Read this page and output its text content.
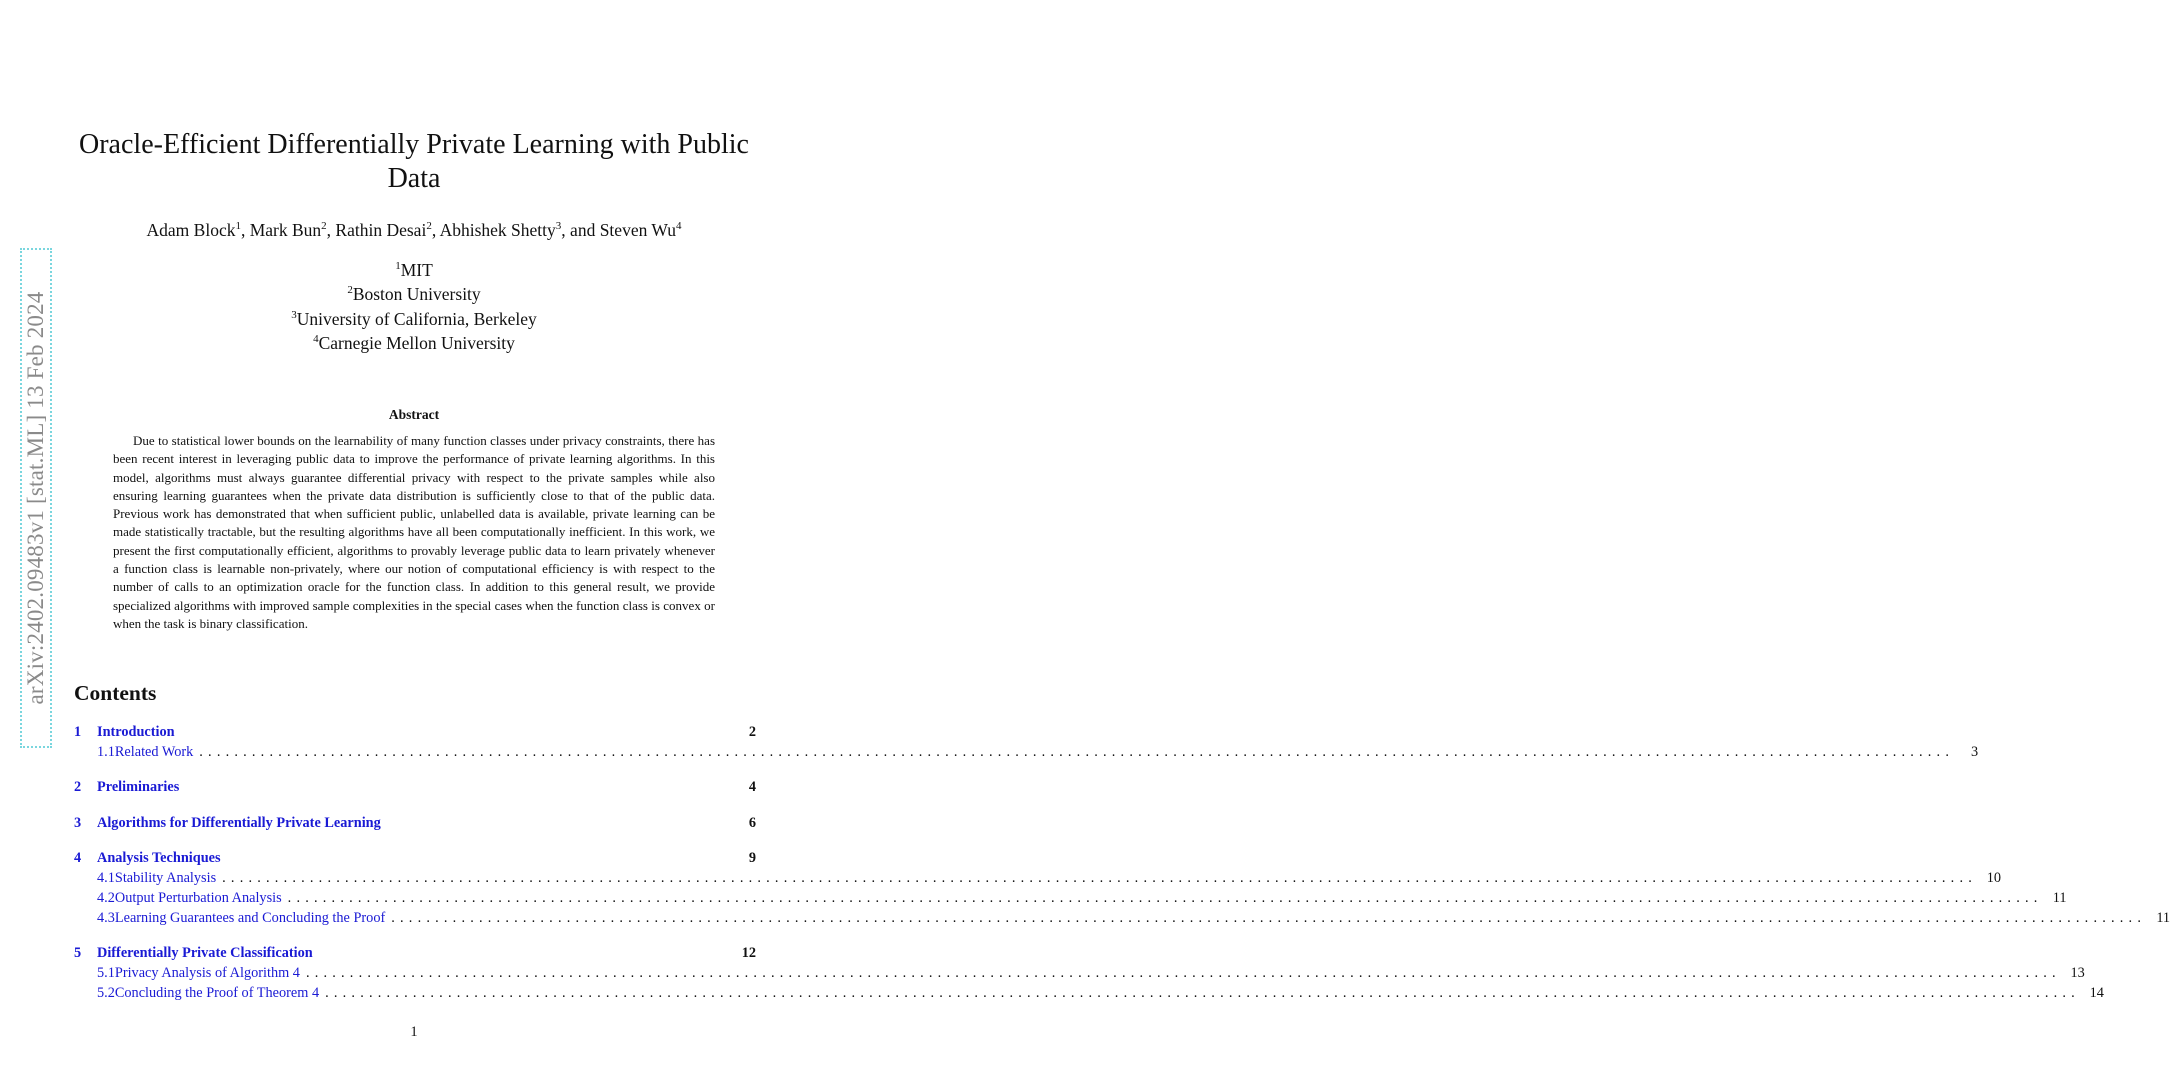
arXiv:2402.09483v1 [stat.ML] 13 Feb 2024
Oracle-Efficient Differentially Private Learning with Public Data
Adam Block$^1$, Mark Bun$^2$, Rathin Desai$^2$, Abhishek Shetty$^3$, and Steven Wu$^4$
$^1$MIT
$^2$Boston University
$^3$University of California, Berkeley
$^4$Carnegie Mellon University
Abstract

Due to statistical lower bounds on the learnability of many function classes under privacy constraints, there has been recent interest in leveraging public data to improve the performance of private learning algorithms. In this model, algorithms must always guarantee differential privacy with respect to the private samples while also ensuring learning guarantees when the private data distribution is sufficiently close to that of the public data. Previous work has demonstrated that when sufficient public, unlabelled data is available, private learning can be made statistically tractable, but the resulting algorithms have all been computationally inefficient. In this work, we present the first computationally efficient, algorithms to provably leverage public data to learn privately whenever a function class is learnable non-privately, where our notion of computational efficiency is with respect to the number of calls to an optimization oracle for the function class. In addition to this general result, we provide specialized algorithms with improved sample complexities in the special cases when the function class is convex or when the task is binary classification.

Contents
1	Introduction	2
1.1 Related Work ........................................................................................................................................................................................................	3
2	Preliminaries	4
3	Algorithms for Differentially Private Learning	6
4	Analysis Techniques	9
4.1 Stability Analysis ........................................................................................................................................................................................................ 10
4.2 Output Perturbation Analysis ........................................................................................................................................................................................................ 11
4.3 Learning Guarantees and Concluding the Proof ........................................................................................................................................................................................................ 11
5	Differentially Private Classification	12
5.1 Privacy Analysis of Algorithm 4 ........................................................................................................................................................................................................ 13
5.2 Concluding the Proof of Theorem 4 ........................................................................................................................................................................................................ 14
1
